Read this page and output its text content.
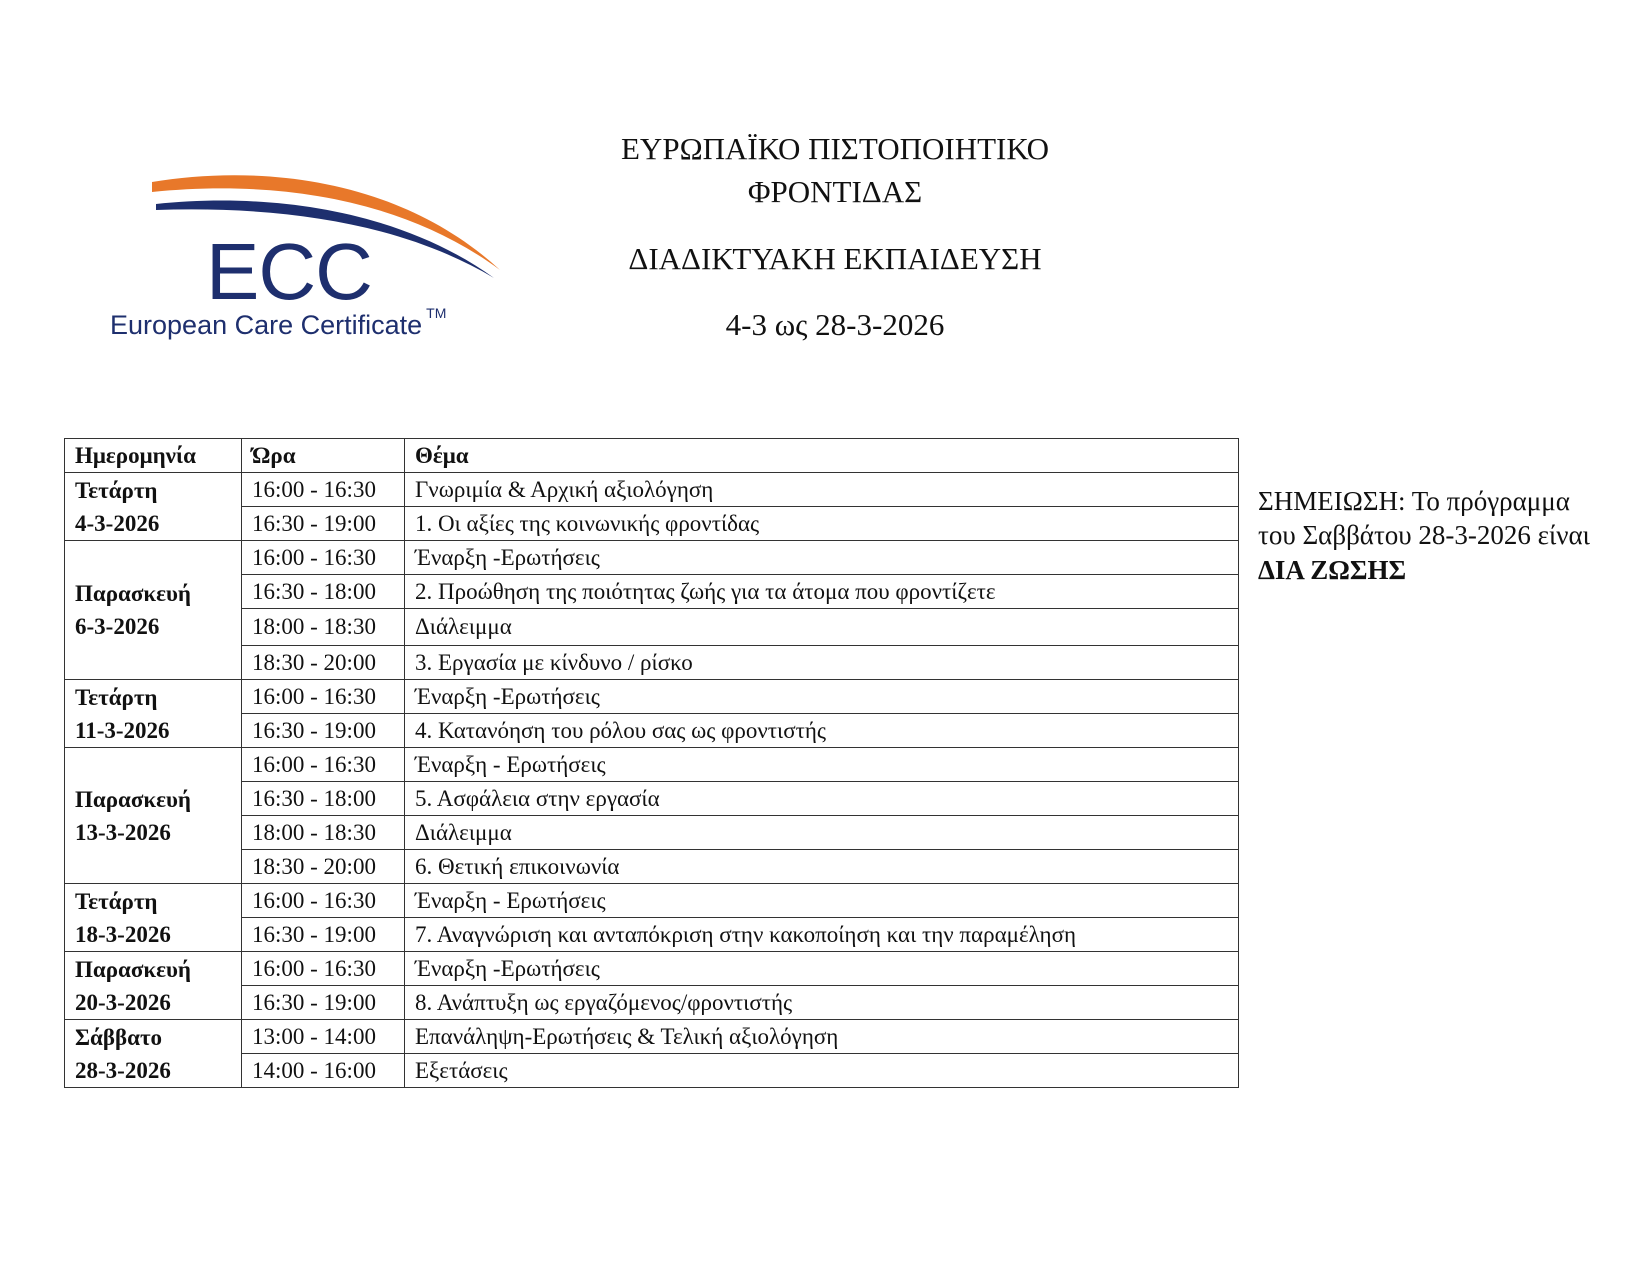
ECC
European Care Certificate ™
ΕΥΡΩΠΑΪΚΟ ΠΙΣΤΟΠΟΙΗΤΙΚΟ
ΦΡΟΝΤΙΔΑΣ
ΔΙΑΔΙΚΤΥΑΚΗ ΕΚΠΑΙΔΕΥΣΗ
4-3 ως 28-3-2026
Ημερομηνία	Ώρα	Θέμα

Τετάρτη
4-3-2026	16:00 - 16:30	Γνωριμία & Αρχική αξιολόγηση
	16:30 - 19:00	1. Οι αξίες της κοινωνικής φροντίδας

Παρασκευή
6-3-2026	16:00 - 16:30	Έναρξη -Ερωτήσεις
	16:30 - 18:00	2. Προώθηση της ποιότητας ζωής για τα άτομα που φροντίζετε
	18:00 - 18:30	Διάλειμμα
	18:30 - 20:00	3. Εργασία με κίνδυνο / ρίσκο

Τετάρτη
11-3-2026	16:00 - 16:30	Έναρξη -Ερωτήσεις
	16:30 - 19:00	4. Κατανόηση του ρόλου σας ως φροντιστής

Παρασκευή
13-3-2026	16:00 - 16:30	Έναρξη - Ερωτήσεις
	16:30 - 18:00	5. Ασφάλεια στην εργασία
	18:00 - 18:30	Διάλειμμα
	18:30 - 20:00	6. Θετική επικοινωνία

Τετάρτη
18-3-2026	16:00 - 16:30	Έναρξη - Ερωτήσεις
	16:30 - 19:00	7. Αναγνώριση και ανταπόκριση στην κακοποίηση και την παραμέληση

Παρασκευή
20-3-2026	16:00 - 16:30	Έναρξη -Ερωτήσεις
	16:30 - 19:00	8. Ανάπτυξη ως εργαζόμενος/φροντιστής

Σάββατο
28-3-2026	13:00 - 14:00	Επανάληψη-Ερωτήσεις & Τελική αξιολόγηση
	14:00 - 16:00	Εξετάσεις
ΣΗΜΕΙΩΣΗ: Το πρόγραμμα του Σαββάτου 28-3-2026 είναι ΔΙΑ ΖΩΣΗΣ
